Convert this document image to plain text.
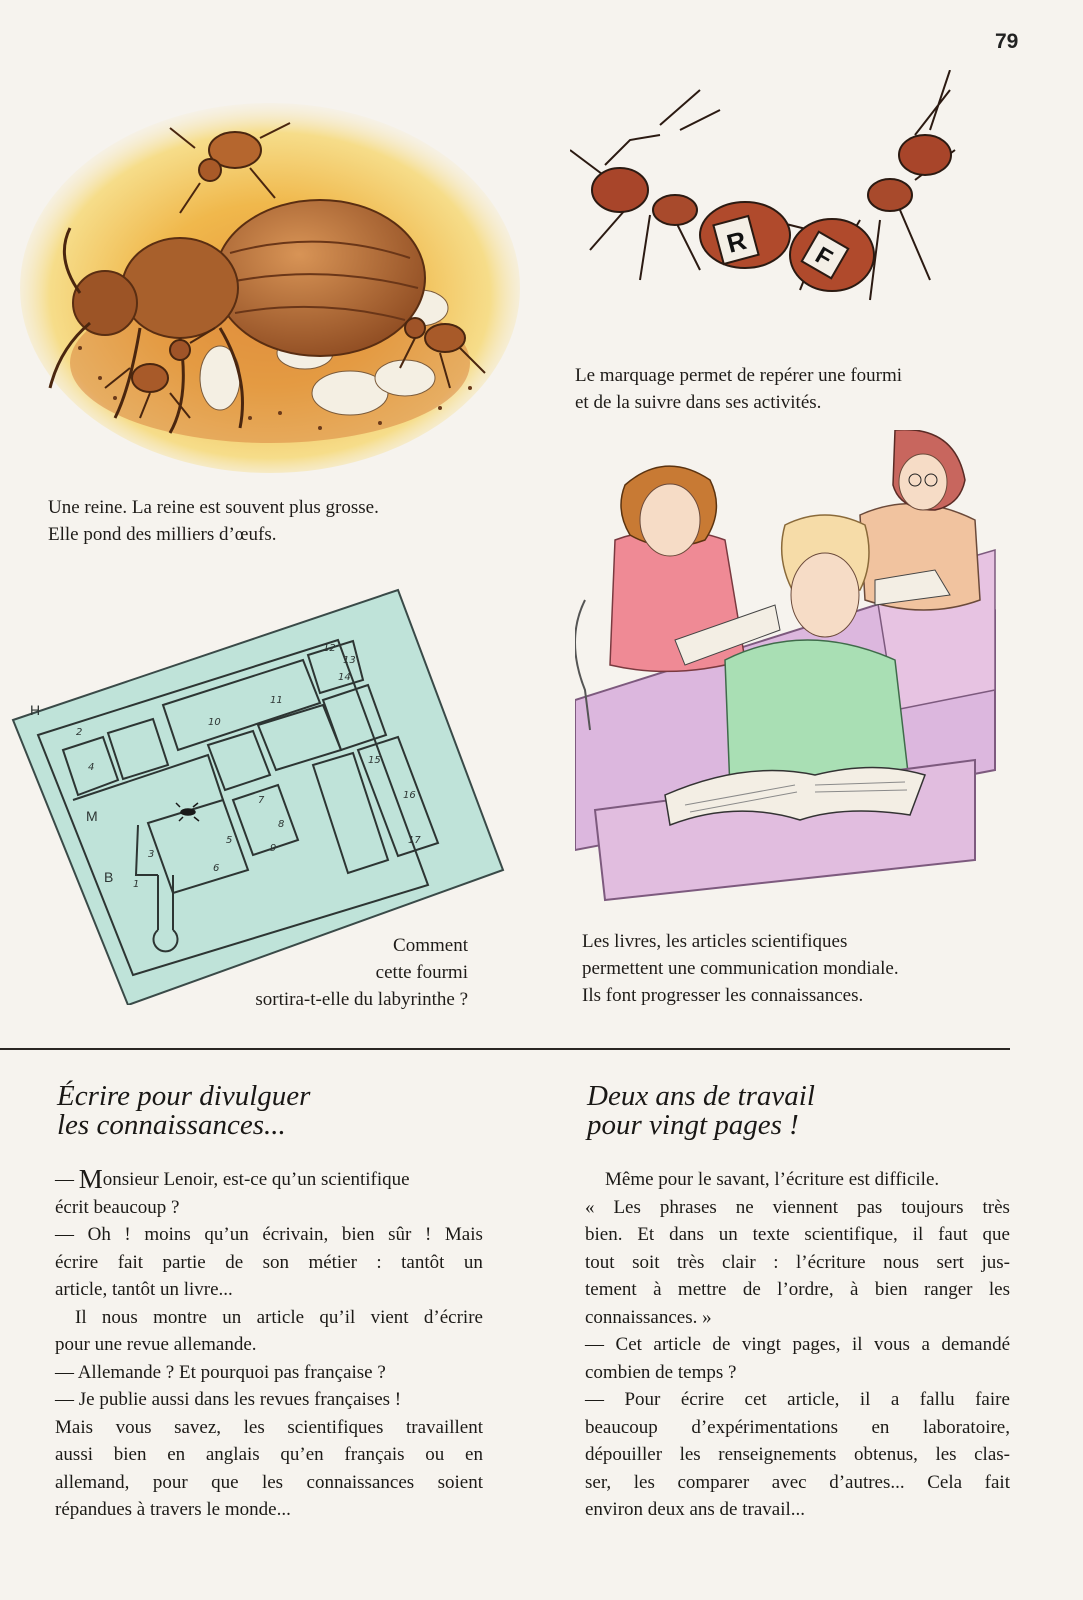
79
R	F
Le marquage permet de repérer une fourmi
et de la suivre dans ses activités.
Une reine. La reine est souvent plus grosse.
Elle pond des milliers d’œufs.
H
M
B 1
2
3
4
5
6
7
8
9
10
11
12
13
14
15
16
17
Comment
cette fourmi
sortira-t-elle du labyrinthe ?
Les livres, les articles scientifiques
permettent une communication mondiale.
Ils font progresser les connaissances.
Écrire pour divulguer
les connaissances...
— M onsieur Lenoir, est-ce qu’un scientifique
écrit beaucoup ?
— Oh ! moins qu’un écrivain, bien sûr ! Mais
écrire fait partie de son métier : tantôt un
article, tantôt un livre...
Il nous montre un article qu’il vient d’écrire
pour une revue allemande.
— Allemande ? Et pourquoi pas française ?
— Je publie aussi dans les revues françaises !
Mais vous savez, les scientifiques travaillent
aussi bien en anglais qu’en français ou en
allemand, pour que les connaissances soient
répandues à travers le monde...
Deux ans de travail
pour vingt pages !
Même pour le savant, l’écriture est difficile.
« Les phrases ne viennent pas toujours très
bien. Et dans un texte scientifique, il faut que
tout soit très clair : l’écriture nous sert jus-
tement à mettre de l’ordre, à bien ranger les
connaissances. »
— Cet article de vingt pages, il vous a demandé
combien de temps ?
— Pour écrire cet article, il a fallu faire
beaucoup d’expérimentations en laboratoire,
dépouiller les renseignements obtenus, les clas-
ser, les comparer avec d’autres... Cela fait
environ deux ans de travail...
